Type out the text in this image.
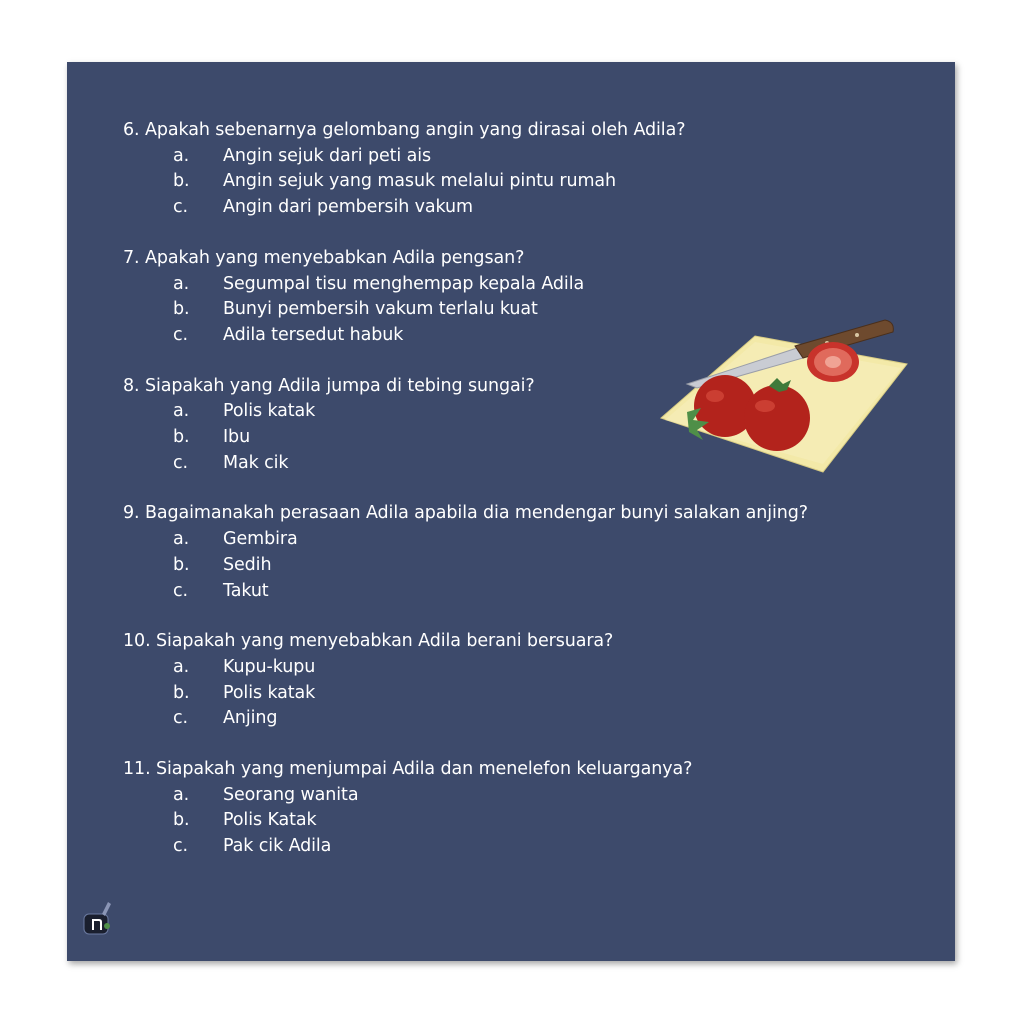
6. Apakah sebenarnya gelombang angin yang dirasai oleh Adila?
a.	Angin sejuk dari peti ais
b.	Angin sejuk yang masuk melalui pintu rumah
c.	Angin dari pembersih vakum
7. Apakah yang menyebabkan Adila pengsan?
a.	Segumpal tisu menghempap kepala Adila
b.	Bunyi pembersih vakum terlalu kuat
c.	Adila tersedut habuk
8. Siapakah yang Adila jumpa di tebing sungai?
a.	Polis katak
b.	Ibu
c.	Mak cik
9. Bagaimanakah perasaan Adila apabila dia mendengar bunyi salakan anjing?
a.	Gembira
b.	Sedih
c.	Takut
10. Siapakah yang menyebabkan Adila berani bersuara?
a.	Kupu-kupu
b.	Polis katak
c.	Anjing
11. Siapakah yang menjumpai Adila dan menelefon keluarganya?
a.	Seorang wanita
b.	Polis Katak
c.	Pak cik Adila
